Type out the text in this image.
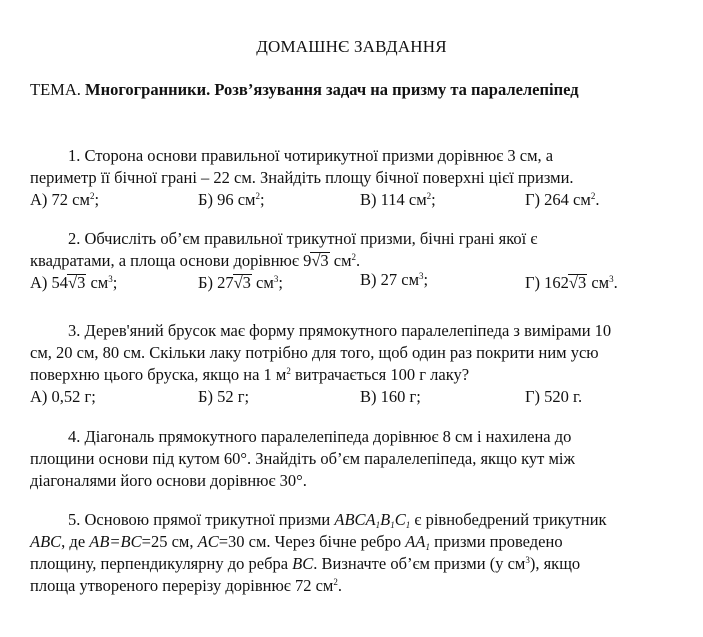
ДОМАШНЄ ЗАВДАННЯ
ТЕМА. Многогранники. Розв’язування задач на призму та паралелепіпед

1. Сторона основи правильної чотирикутної призми дорівнює 3 см, а

периметр її бічної грані – 22 см. Знайдіть площу бічної поверхні цієї призми.

А) 72 $см^2$;	Б) 96 $см^2$;	В) 114 $см^2$;	Г) 264 $см^2$.

2. Обчисліть об’єм правильної трикутної призми, бічні грані якої є

квадратами, а площа основи дорівнює 9√3 $см^2$.

А) 54√3 $см^3$;	Б) 27√3 $см^3$;	В) 27 $см^3$;	Г) 162√3 $см^3$.

3. Дерев'яний брусок має форму прямокутного паралелепіпеда з вимірами 10

см, 20 см, 80 см. Скільки лаку потрібно для того, щоб один раз покрити ним усю

поверхню цього бруска, якщо на 1 $м^2$ витрачається 100 г лаку?

А) 0,52 г;	Б) 52 г;	В) 160 г;	Г) 520 г.

4. Діагональ прямокутного паралелепіпеда дорівнює 8 см і нахилена до

площини основи під кутом 60°. Знайдіть об’єм паралелепіпеда, якщо кут між

діагоналями його основи дорівнює 30°.

5. Основою прямої трикутної призми $ABCA_1B_1C_1$ є рівнобедрений трикутник

ABC, де AB=BC=25 см, AC=30 см. Через бічне ребро $AA_1$ призми проведено

площину, перпендикулярну до ребра BC. Визначте об’єм призми (у $см^3$), якщо

площа утвореного перерізу дорівнює 72 $см^2$.
